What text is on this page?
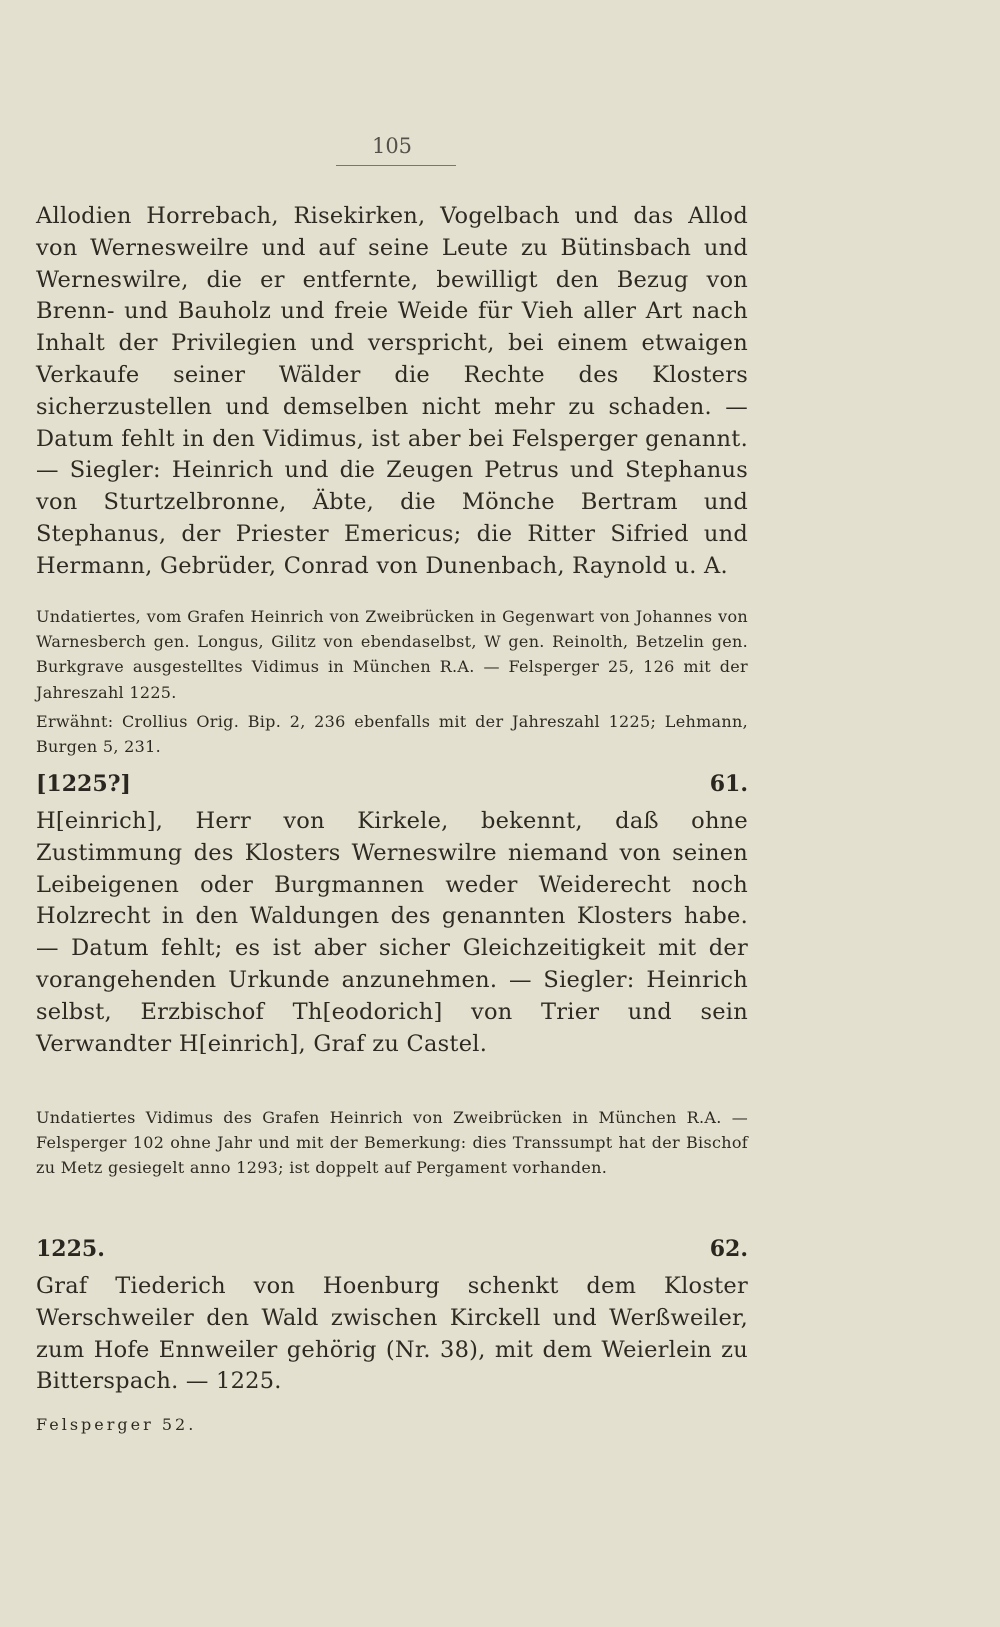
105

Allodien Horrebach, Risekirken, Vogelbach und das Allod von Wernesweilre und auf seine Leute zu Bütinsbach und Werneswilre, die er entfernte, bewilligt den Bezug von Brenn- und Bauholz und freie Weide für Vieh aller Art nach Inhalt der Privilegien und verspricht, bei einem etwaigen Verkaufe seiner Wälder die Rechte des Klosters sicherzustellen und demselben nicht mehr zu schaden. — Datum fehlt in den Vidimus, ist aber bei Felsperger genannt. — Siegler: Heinrich und die Zeugen Petrus und Stephanus von Sturtzelbronne, Äbte, die Mönche Bertram und Stephanus, der Priester Emericus; die Ritter Sifried und Hermann, Gebrüder, Conrad von Dunenbach, Raynold u. A.

Undatiertes, vom Grafen Heinrich von Zweibrücken in Gegenwart von Johannes von Warnesberch gen. Longus, Gilitz von ebendaselbst, W gen. Reinolth, Betzelin gen. Burkgrave ausgestelltes Vidimus in München R.A. — Felsperger 25, 126 mit der Jahreszahl 1225.

Erwähnt: Crollius Orig. Bip. 2, 236 ebenfalls mit der Jahreszahl 1225; Lehmann, Burgen 5, 231.

[1225?]	61.

H[einrich], Herr von Kirkele, bekennt, daß ohne Zustimmung des Klosters Werneswilre niemand von seinen Leibeigenen oder Burgmannen weder Weiderecht noch Holzrecht in den Waldungen des genannten Klosters habe. — Datum fehlt; es ist aber sicher Gleichzeitigkeit mit der vorangehenden Urkunde anzunehmen. — Siegler: Heinrich selbst, Erzbischof Th[eodorich] von Trier und sein Verwandter H[einrich], Graf zu Castel.

Undatiertes Vidimus des Grafen Heinrich von Zweibrücken in München R.A. — Felsperger 102 ohne Jahr und mit der Bemerkung: dies Transsumpt hat der Bischof zu Metz gesiegelt anno 1293; ist doppelt auf Pergament vorhanden.

1225.	62.

Graf Tiederich von Hoenburg schenkt dem Kloster Werschweiler den Wald zwischen Kirckell und Werßweiler, zum Hofe Ennweiler gehörig (Nr. 38), mit dem Weierlein zu Bitterspach. — 1225.

Felsperger 52.
